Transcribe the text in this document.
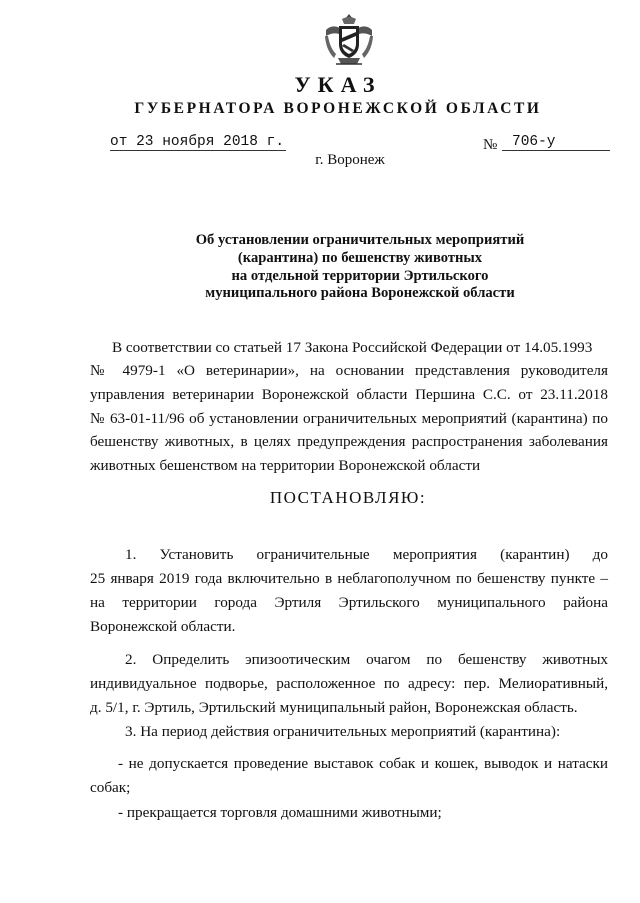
УКАЗ
ГУБЕРНАТОРА ВОРОНЕЖСКОЙ ОБЛАСТИ
от 23 ноября 2018 г.	№	706-у
г. Воронеж
Об установлении ограничительных мероприятий
(карантина) по бешенству животных
на отдельной территории Эртильского
муниципального района Воронежской области
В соответствии со статьей 17 Закона Российской Федерации от 14.05.1993
№ 4979-1 «О ветеринарии», на основании представления руководителя
управления ветеринарии Воронежской области Першина С.С. от 23.11.2018
№ 63-01-11/96 об установлении ограничительных мероприятий (карантина) по
бешенству животных, в целях предупреждения распространения заболевания
животных бешенством на территории Воронежской области
ПОСТАНОВЛЯЮ:
1. Установить ограничительные мероприятия (карантин) до
25 января 2019 года включительно в неблагополучном по бешенству пункте –
на территории города Эртиля Эртильского муниципального района
Воронежской области.
2. Определить эпизоотическим очагом по бешенству животных
индивидуальное подворье, расположенное по адресу: пер. Мелиоративный,
д. 5/1, г. Эртиль, Эртильский муниципальный район, Воронежская область.
3. На период действия ограничительных мероприятий (карантина):
- не допускается проведение выставок собак и кошек, выводок и натаски
собак;
- прекращается торговля домашними животными;
